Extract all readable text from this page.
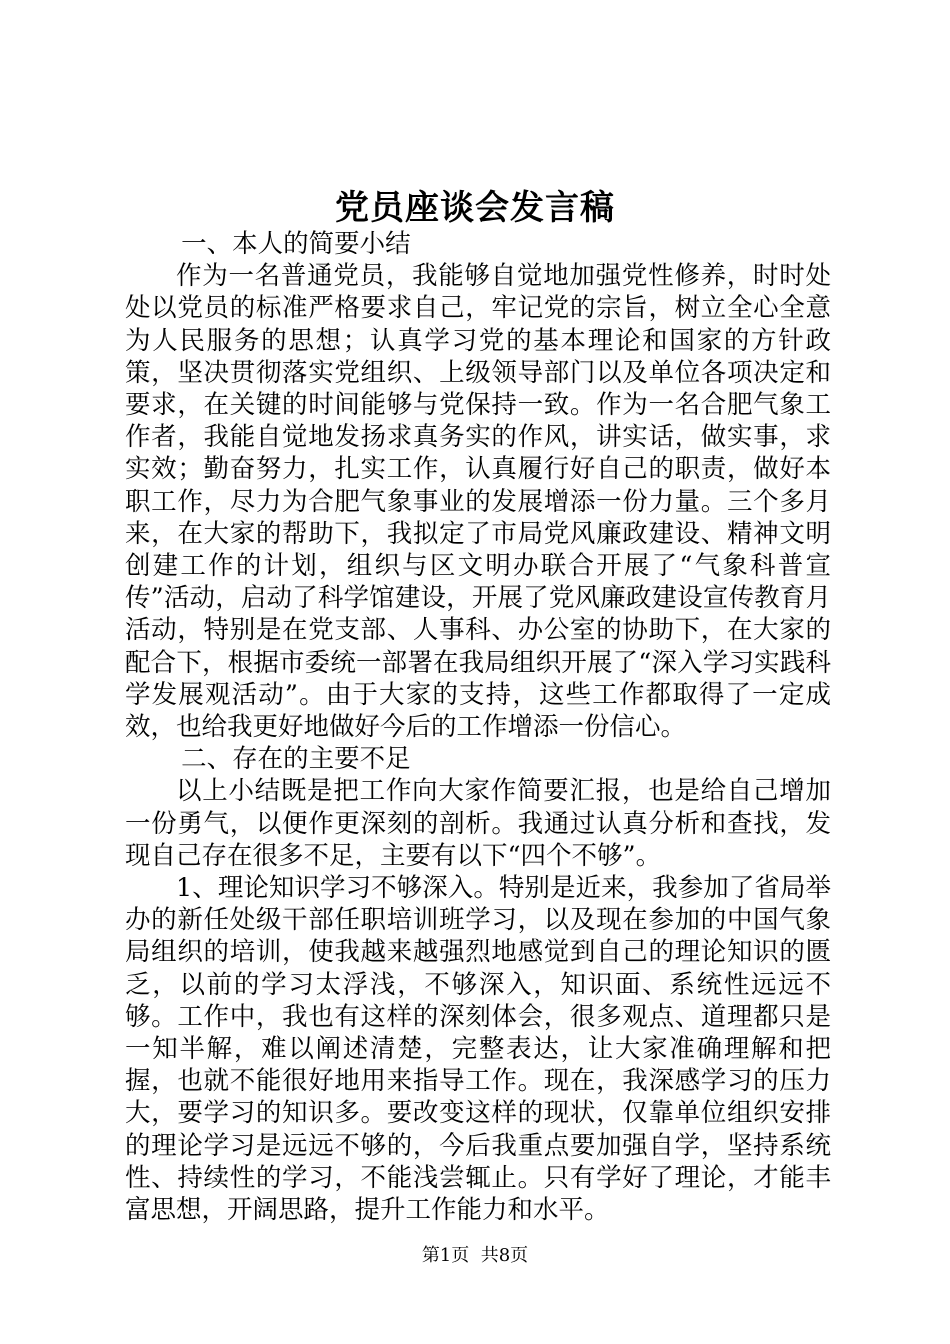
党员座谈会发言稿

一、本人的简要小结

作为一名普通党员，我能够自觉地加强党性修养，时时处处以党员的标准严格要求自己，牢记党的宗旨，树立全心全意为人民服务的思想；认真学习党的基本理论和国家的方针政策，坚决贯彻落实党组织、上级领导部门以及单位各项决定和要求，在关键的时间能够与党保持一致。作为一名合肥气象工作者，我能自觉地发扬求真务实的作风，讲实话，做实事，求实效；勤奋努力，扎实工作，认真履行好自己的职责，做好本职工作，尽力为合肥气象事业的发展增添一份力量。三个多月来，在大家的帮助下，我拟定了市局党风廉政建设、精神文明创建工作的计划，组织与区文明办联合开展了“气象科普宣传”活动，启动了科学馆建设，开展了党风廉政建设宣传教育月活动，特别是在党支部、人事科、办公室的协助下，在大家的配合下，根据市委统一部署在我局组织开展了“深入学习实践科学发展观活动”。由于大家的支持，这些工作都取得了一定成效，也给我更好地做好今后的工作增添一份信心。

二、存在的主要不足

以上小结既是把工作向大家作简要汇报，也是给自己增加一份勇气，以便作更深刻的剖析。我通过认真分析和查找，发现自己存在很多不足，主要有以下“四个不够”。

1、理论知识学习不够深入。特别是近来，我参加了省局举办的新任处级干部任职培训班学习，以及现在参加的中国气象局组织的培训，使我越来越强烈地感觉到自己的理论知识的匮乏，以前的学习太浮浅，不够深入，知识面、系统性远远不够。工作中，我也有这样的深刻体会，很多观点、道理都只是一知半解，难以阐述清楚，完整表达，让大家准确理解和把握，也就不能很好地用来指导工作。现在，我深感学习的压力大，要学习的知识多。要改变这样的现状，仅靠单位组织安排的理论学习是远远不够的，今后我重点要加强自学，坚持系统性、持续性的学习，不能浅尝辄止。只有学好了理论，才能丰富思想，开阔思路，提升工作能力和水平。

第1页  共8页
